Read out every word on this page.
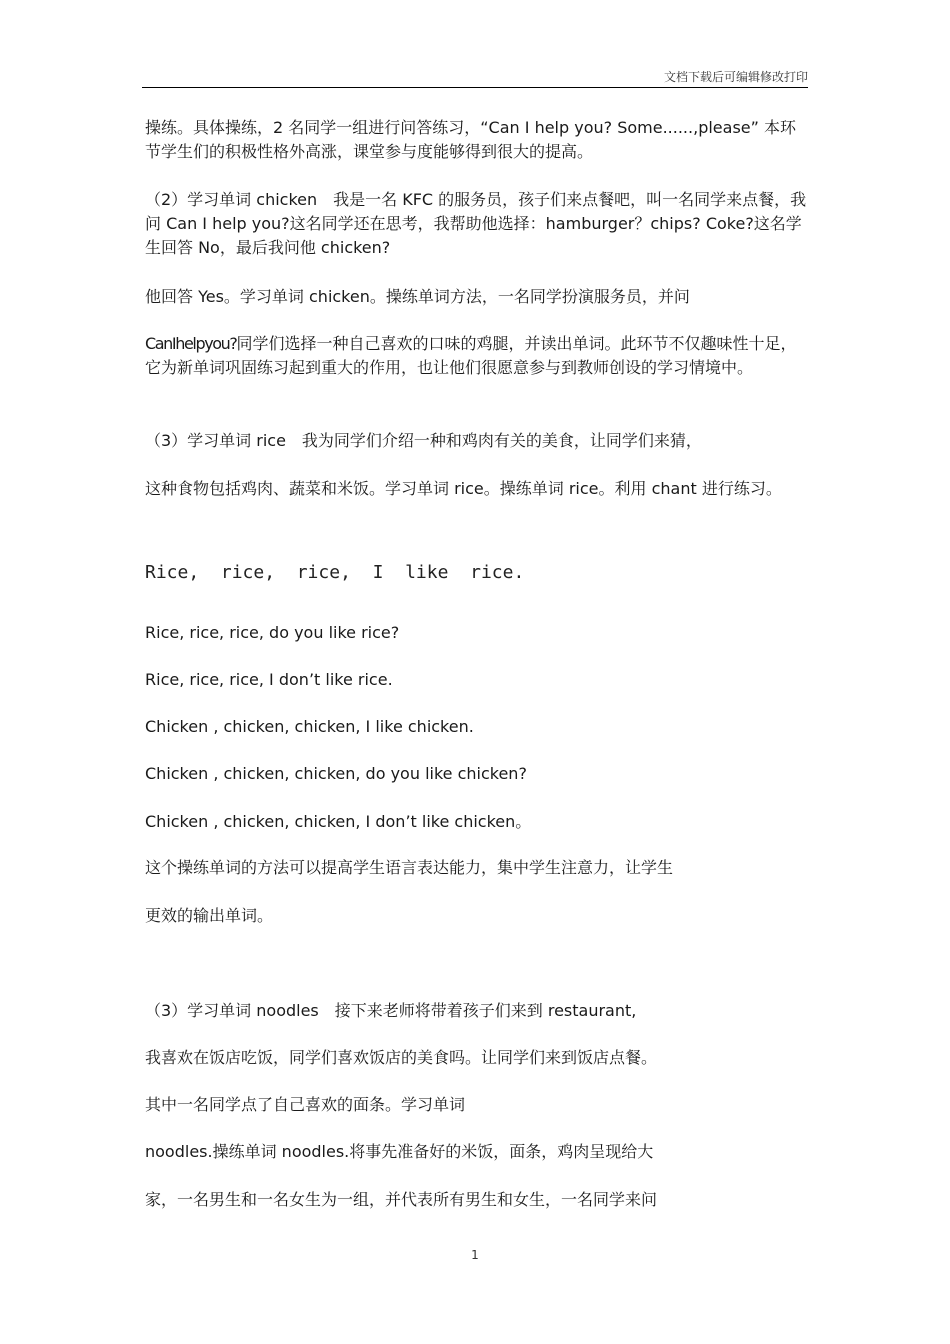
文档下载后可编辑修改打印

操练。具体操练，2 名同学一组进行问答练习，“Can I help you? Some......,please” 本环节学生们的积极性格外高涨，课堂参与度能够得到很大的提高。

（2）学习单词 chicken　我是一名 KFC 的服务员，孩子们来点餐吧，叫一名同学来点餐，我问 Can I help you?这名同学还在思考，我帮助他选择：hamburger？chips? Coke?这名学生回答 No，最后我问他 chicken?

他回答 Yes。学习单词 chicken。操练单词方法，一名同学扮演服务员，并问

CanIhelpyou?同学们选择一种自己喜欢的口味的鸡腿，并读出单词。此环节不仅趣味性十足，它为新单词巩固练习起到重大的作用，也让他们很愿意参与到教师创设的学习情境中。

（3）学习单词 rice　我为同学们介绍一种和鸡肉有关的美食，让同学们来猜，

这种食物包括鸡肉、蔬菜和米饭。学习单词 rice。操练单词 rice。利用 chant 进行练习。

Rice,  rice,  rice,  I  like  rice.

Rice, rice, rice, do you like rice?

Rice, rice, rice, I don’t like rice.

Chicken , chicken, chicken, I like chicken.

Chicken , chicken, chicken, do you like chicken?

Chicken , chicken, chicken, I don’t like chicken。

这个操练单词的方法可以提高学生语言表达能力，集中学生注意力，让学生

更效的输出单词。

（3）学习单词 noodles　接下来老师将带着孩子们来到 restaurant,

我喜欢在饭店吃饭，同学们喜欢饭店的美食吗。让同学们来到饭店点餐。

其中一名同学点了自己喜欢的面条。学习单词

noodles.操练单词 noodles.将事先准备好的米饭，面条，鸡肉呈现给大

家，一名男生和一名女生为一组，并代表所有男生和女生，一名同学来问

1
